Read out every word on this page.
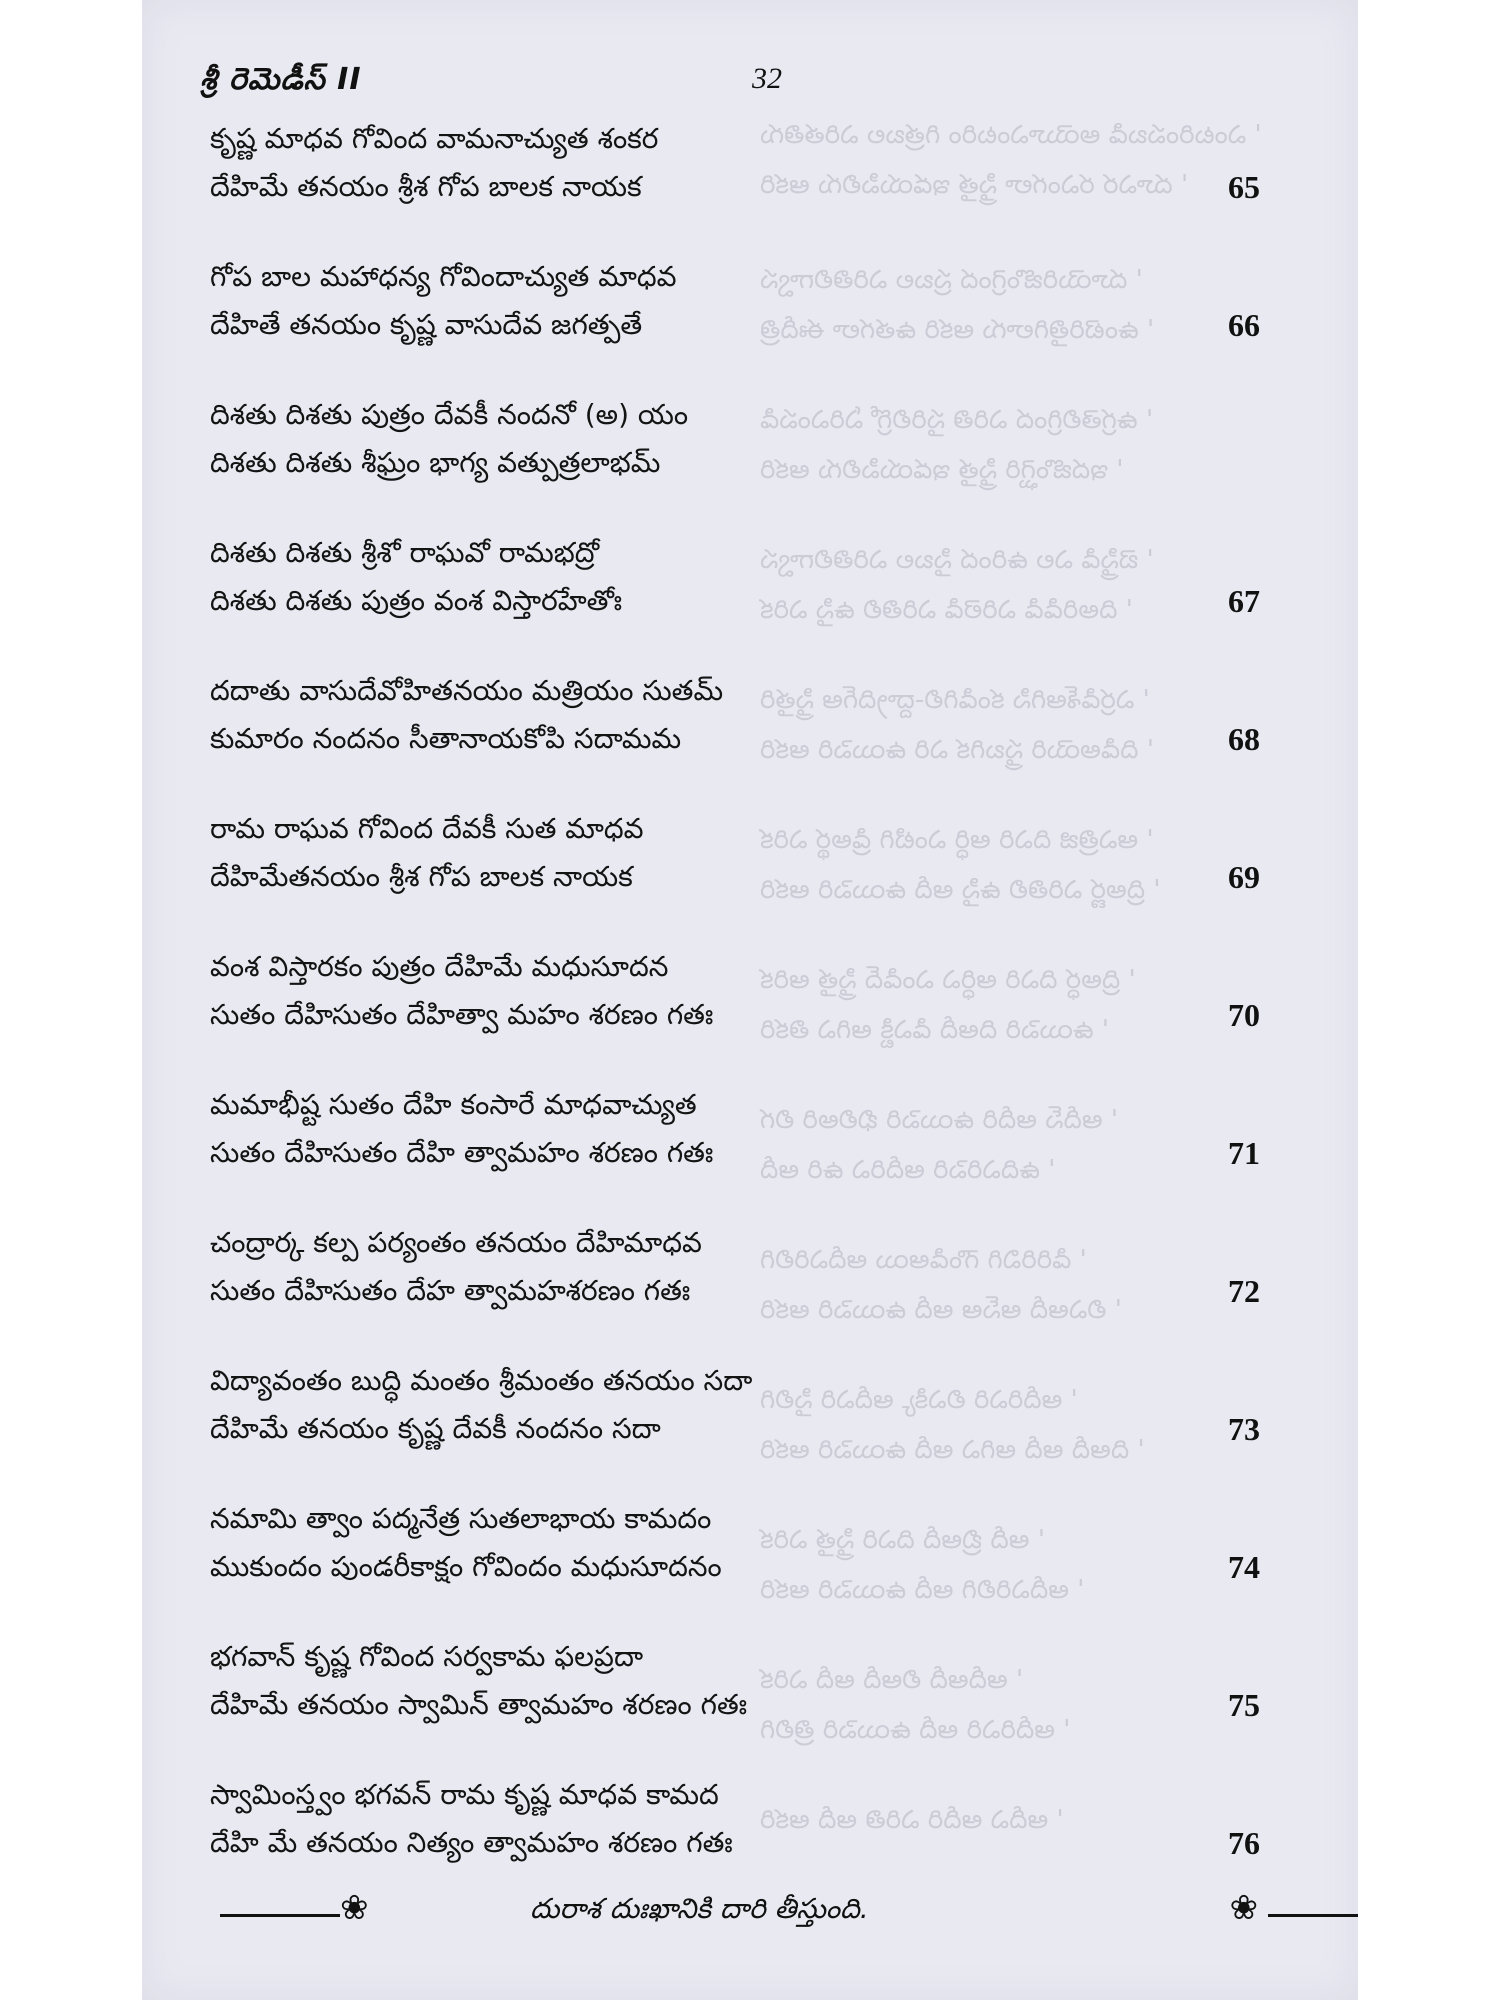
ꞌ ఎంటరింపబడి అయెూఎంటరిం గిత్రబల ఎరితతిగు
ꞌ దూఎర రఎంగలా స్త్రిత్త ఇడయపిలిగు ఆకరి
ꞌ దూయెరిజొంగ్రెంద స్రబల ఎరితిలిగ్వాస
ꞌ ఉంటెరిత్తిగిలాగు ఆకరి ఉతగలా ఈదీత్రి
ꞌ ఉగ్రతెలిగ్రింద ఎరితి స్తరిలిగ్రో ఏరిఎంపడి
ꞌ ఇదజొంగ్ఘెరి స్త్రిత్త ఇడయపిలిగు ఆకరి
ꞌ బెస్త్రిడి ఎల ఉరింద స్తిబల ఎరితిలిగ్వాస
ꞌ దిఅరిడిడి ఎరిలెడి ఎరితిలి ఉస్తి ఎరిక
ꞌ ఎర్రడిశ్ఆగిసి కండిగిలి-ద్ద్రాదిగ్ఆ స్త్రిత్తరి
ꞌ దిడిఅయెరి స్త్రబగిక ఎరి ఉయిపెరి ఆకరి
ꞌ ఆఎత్రిజి దిఎరి ఆర్ధి ఎంటిగి డ్రిఅర్థ ఎరిక
ꞌ ద్రిఅర్ణ ఎరితిలి ఉస్తి ఆదీ ఉయిపెరి ఆకరి
ꞌ ద్రిఅర్ధ దిఎరి ఆర్ధిఎ ఎండిద్ స్త్రిత్త ఆరిక
ꞌ ఉయిపెరి దిఆదీ డిఎక్టి ఆగిఎ తికరి
ꞌ ఆదీస్ ఆదీరి ఉయిపెరి భిలిఅరి లిగ
ꞌ ఉదిఎరిపెరి ఆదీరిఎ ఉరి ఆదీ
ꞌ డిరిరివిగి గౌండిఆయి ఆదీఎరిలిగి
ꞌ లిఎఆదీ ఆస్ఆ ఆదీ ఉయిపెరి ఆకరి
ꞌ ఆదీరిఎరి లిఎక్కి ఆదీఎరి స్తిలిగి
ꞌ దిఆదీ ఆదీ ఆగిఎ ఆదీ ఉయిపెరి ఆకరి
ꞌ ఆదీ బ్రిఆదీ దిఎరి స్త్రిత్త ఎరిక
ꞌ ఆదీఎరిలిగి ఆదీ ఉయిపెరి ఆకరి
ꞌ ఆదీఆదీ లిఆదీ ఆదీ ఎరిక
ꞌ ఆదీరిఎరి ఆదీ ఉయిపెరి త్రిలిగి
ꞌ ఆదీఎ ఆదీరి ఎరితి ఆదీ ఆకరి
శ్రీ రెమెడీస్ II	32
కృష్ణ మాధవ గోవింద వామనాచ్యుత శంకర
దేహిమే తనయం శ్రీశ గోప బాలక నాయక	65
గోప బాల మహాధన్య గోవిందాచ్యుత మాధవ
దేహితే తనయం కృష్ణ వాసుదేవ జగత్పతే	66
దిశతు దిశతు పుత్రం దేవకీ నందనో (అ) యం
దిశతు దిశతు శీఘ్రం భాగ్య వత్పుత్రలాభమ్
దిశతు దిశతు శ్రీశో రాఘవో రామభద్రో
దిశతు దిశతు పుత్రం వంశ విస్తారహేతోః	67
దదాతు వాసుదేవోహితనయం మత్రియం సుతమ్
కుమారం నందనం సీతానాయకోపి సదామమ	68
రామ రాఘవ గోవింద దేవకీ సుత మాధవ
దేహిమేతనయం శ్రీశ గోప బాలక నాయక	69
వంశ విస్తారకం పుత్రం దేహిమే మధుసూదన
సుతం దేహిసుతం దేహిత్వా మహం శరణం గతః	70
మమాభీష్ట సుతం దేహి కంసారే మాధవాచ్యుత
సుతం దేహిసుతం దేహి త్వామహం శరణం గతః	71
చంద్రార్క కల్ప పర్యంతం తనయం దేహిమాధవ
సుతం దేహిసుతం దేహ త్వామహశరణం గతః	72
విద్యావంతం బుద్ధి మంతం శ్రీమంతం తనయం సదా
దేహిమే తనయం కృష్ణ దేవకీ నందనం సదా	73
నమామి త్వాం పద్మనేత్ర సుతలాభాయ కామదం
ముకుందం పుండరీకాక్షం గోవిందం మధుసూదనం	74
భగవాన్ కృష్ణ గోవింద సర్వకామ ఫలప్రదా
దేహిమే తనయం స్వామిన్ త్వామహం శరణం గతః	75
స్వామింస్త్వం భగవన్ రామ కృష్ణ మాధవ కామద
దేహి మే తనయం నిత్యం త్వామహం శరణం గతః	76
❀	దురాశ దుఃఖానికి దారి తీస్తుంది.	❀
